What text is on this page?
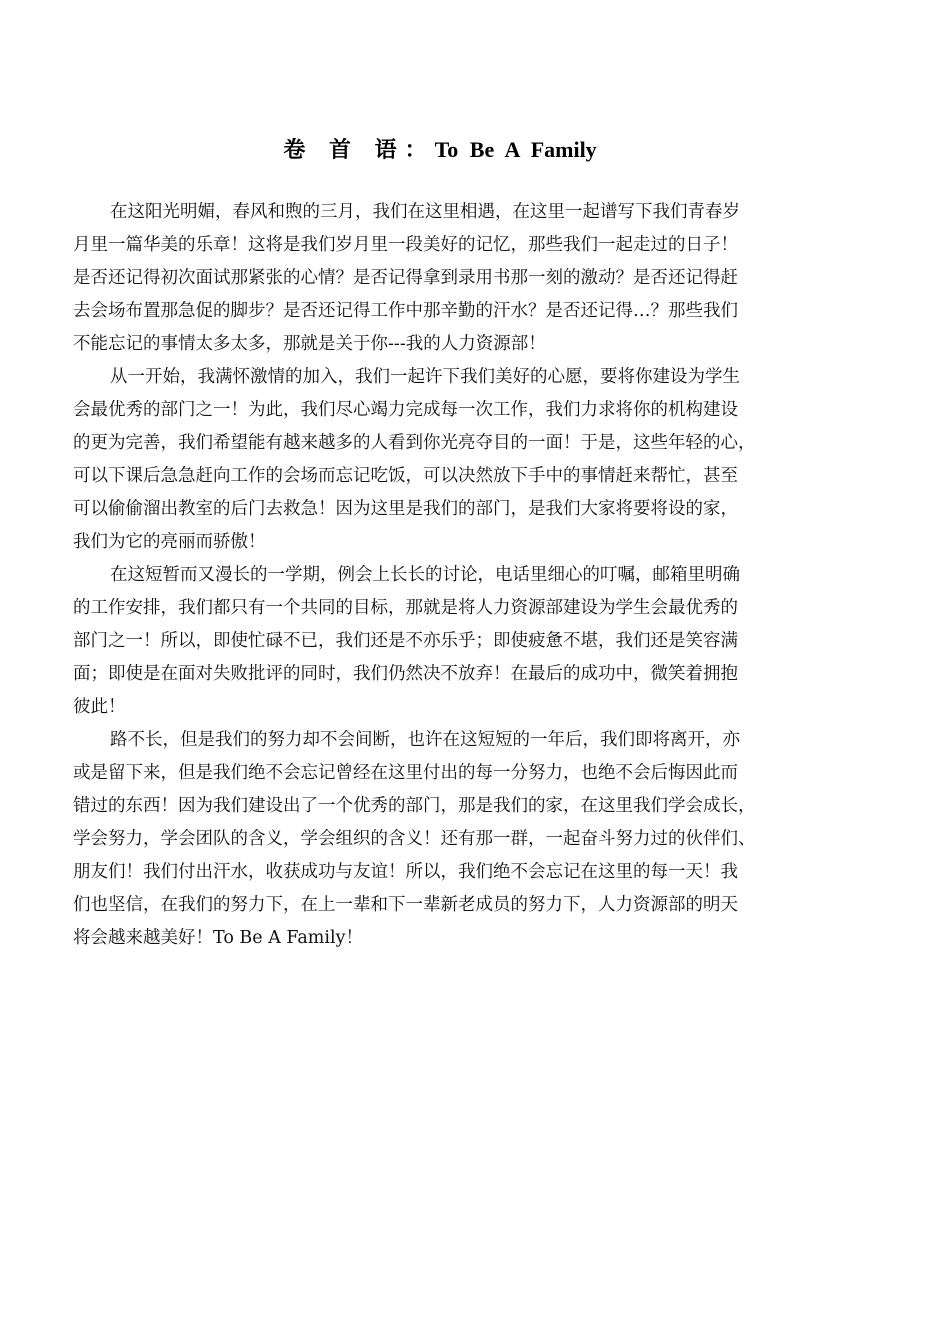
卷 首 语：To Be A Family
在这阳光明媚，春风和煦的三月，我们在这里相遇，在这里一起谱写下我们青春岁
月里一篇华美的乐章！这将是我们岁月里一段美好的记忆，那些我们一起走过的日子！
是否还记得初次面试那紧张的心情？是否记得拿到录用书那一刻的激动？是否还记得赶
去会场布置那急促的脚步？是否还记得工作中那辛勤的汗水？是否还记得…？那些我们
不能忘记的事情太多太多，那就是关于你---我的人力资源部！
从一开始，我满怀激情的加入，我们一起许下我们美好的心愿，要将你建设为学生
会最优秀的部门之一！为此，我们尽心竭力完成每一次工作，我们力求将你的机构建设
的更为完善，我们希望能有越来越多的人看到你光亮夺目的一面！于是，这些年轻的心，
可以下课后急急赶向工作的会场而忘记吃饭，可以决然放下手中的事情赶来帮忙，甚至
可以偷偷溜出教室的后门去救急！因为这里是我们的部门，是我们大家将要将设的家，
我们为它的亮丽而骄傲！
在这短暂而又漫长的一学期，例会上长长的讨论，电话里细心的叮嘱，邮箱里明确
的工作安排，我们都只有一个共同的目标，那就是将人力资源部建设为学生会最优秀的
部门之一！所以，即使忙碌不已，我们还是不亦乐乎；即使疲惫不堪，我们还是笑容满
面；即使是在面对失败批评的同时，我们仍然决不放弃！在最后的成功中，微笑着拥抱
彼此！
路不长，但是我们的努力却不会间断，也许在这短短的一年后，我们即将离开，亦
或是留下来，但是我们绝不会忘记曾经在这里付出的每一分努力，也绝不会后悔因此而
错过的东西！因为我们建设出了一个优秀的部门，那是我们的家，在这里我们学会成长，
学会努力，学会团队的含义，学会组织的含义！还有那一群，一起奋斗努力过的伙伴们、
朋友们！我们付出汗水，收获成功与友谊！所以，我们绝不会忘记在这里的每一天！我
们也坚信，在我们的努力下，在上一辈和下一辈新老成员的努力下，人力资源部的明天
将会越来越美好！To Be A Family！
